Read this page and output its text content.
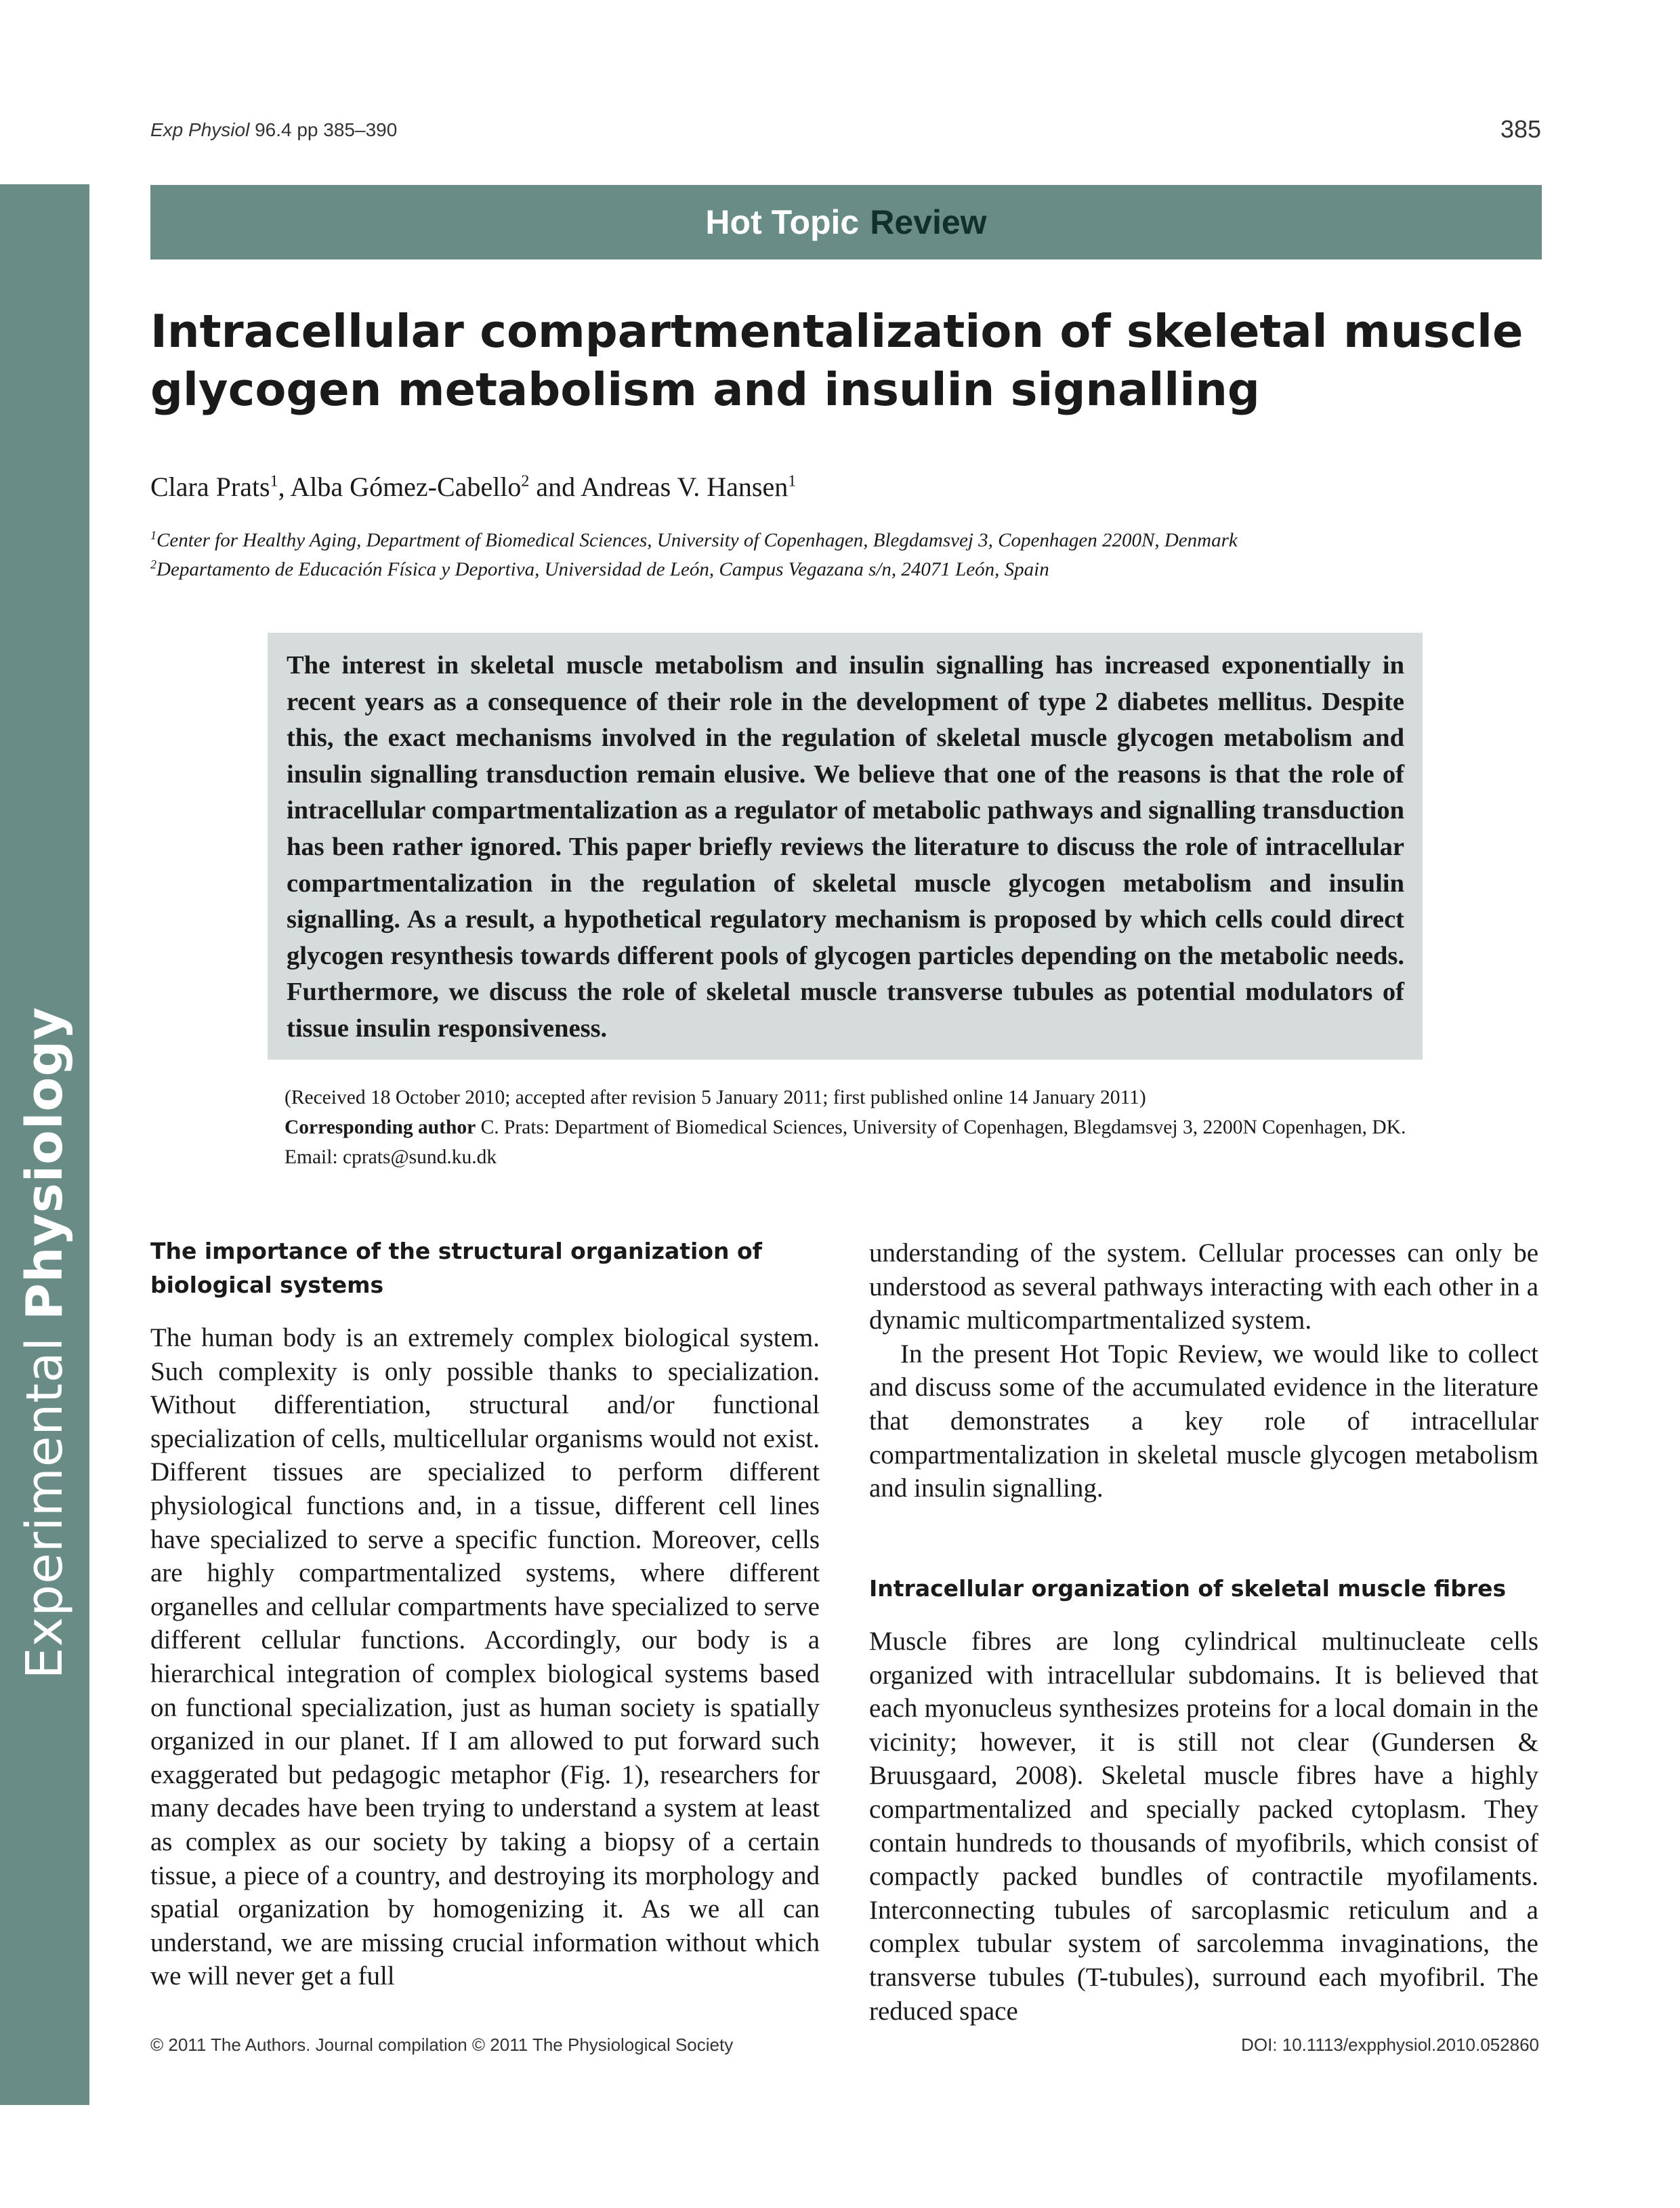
Experimental Physiology
Exp Physiol 96.4 pp 385–390	385
Hot Topic Review
Intracellular compartmentalization of skeletal muscle glycogen metabolism and insulin signalling
Clara Prats$^1$, Alba Gómez-Cabello$^2$ and Andreas V. Hansen$^1$
$^1$Center for Healthy Aging, Department of Biomedical Sciences, University of Copenhagen, Blegdamsvej 3, Copenhagen 2200N, Denmark
$^2$Departamento de Educación Física y Deportiva, Universidad de León, Campus Vegazana s/n, 24071 León, Spain

The interest in skeletal muscle metabolism and insulin signalling has increased exponentially in recent years as a consequence of their role in the development of type 2 diabetes mellitus. Despite this, the exact mechanisms involved in the regulation of skeletal muscle glycogen metabolism and insulin signalling transduction remain elusive. We believe that one of the reasons is that the role of intracellular compartmentalization as a regulator of metabolic pathways and signalling transduction has been rather ignored. This paper briefly reviews the literature to discuss the role of intracellular compartmentalization in the regulation of skeletal muscle glycogen metabolism and insulin signalling. As a result, a hypothetical regulatory mechanism is proposed by which cells could direct glycogen resynthesis towards different pools of glycogen particles depending on the metabolic needs. Furthermore, we discuss the role of skeletal muscle transverse tubules as potential modulators of tissue insulin responsiveness.

(Received 18 October 2010; accepted after revision 5 January 2011; first published online 14 January 2011)
Corresponding author C. Prats: Department of Biomedical Sciences, University of Copenhagen, Blegdamsvej 3, 2200N Copenhagen, DK. Email: cprats@sund.ku.dk
The importance of the structural organization of biological systems

The human body is an extremely complex biological system. Such complexity is only possible thanks to specialization. Without differentiation, structural and/or functional specialization of cells, multicellular organisms would not exist. Different tissues are specialized to perform different physiological functions and, in a tissue, different cell lines have specialized to serve a specific function. Moreover, cells are highly compartmentalized systems, where different organelles and cellular compartments have specialized to serve different cellular functions. Accordingly, our body is a hierarchical integration of complex biological systems based on functional specialization, just as human society is spatially organized in our planet. If I am allowed to put forward such exaggerated but pedagogic metaphor (Fig. 1), researchers for many decades have been trying to understand a system at least as complex as our society by taking a biopsy of a certain tissue, a piece of a country, and destroying its morphology and spatial organization by homogenizing it. As we all can understand, we are missing crucial information without which we will never get a full

understanding of the system. Cellular processes can only be understood as several pathways interacting with each other in a dynamic multicompartmentalized system.

In the present Hot Topic Review, we would like to collect and discuss some of the accumulated evidence in the literature that demonstrates a key role of intracellular compartmentalization in skeletal muscle glycogen metabolism and insulin signalling.

Intracellular organization of skeletal muscle fibres

Muscle fibres are long cylindrical multinucleate cells organized with intracellular subdomains. It is believed that each myonucleus synthesizes proteins for a local domain in the vicinity; however, it is still not clear (Gundersen & Bruusgaard, 2008). Skeletal muscle fibres have a highly compartmentalized and specially packed cytoplasm. They contain hundreds to thousands of myofibrils, which consist of compactly packed bundles of contractile myofilaments. Interconnecting tubules of sarcoplasmic reticulum and a complex tubular system of sarcolemma invaginations, the transverse tubules (T-tubules), surround each myofibril. The reduced space

© 2011 The Authors. Journal compilation © 2011 The Physiological Society	DOI: 10.1113/expphysiol.2010.052860
